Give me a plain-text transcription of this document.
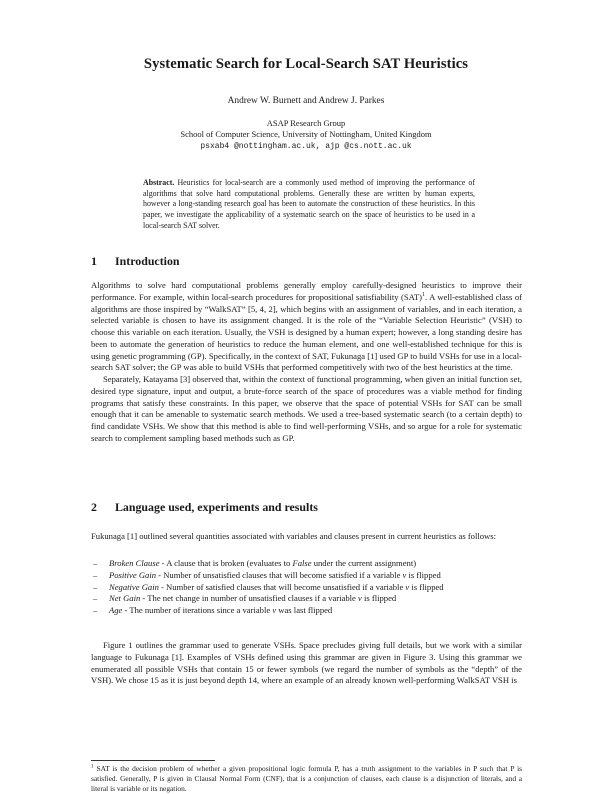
Systematic Search for Local-Search SAT Heuristics
Andrew W. Burnett and Andrew J. Parkes
ASAP Research Group
School of Computer Science, University of Nottingham, United Kingdom
psxab4 @nottingham.ac.uk, ajp @cs.nott.ac.uk
Abstract. Heuristics for local-search are a commonly used method of improving the performance of algorithms that solve hard computational problems. Generally these are written by human experts, however a long-standing research goal has been to automate the construction of these heuristics. In this paper, we investigate the applicability of a systematic search on the space of heuristics to be used in a local-search SAT solver.
1 Introduction
Algorithms to solve hard computational problems generally employ carefully-designed heuristics to improve their performance. For example, within local-search procedures for propositional satisfiability (SAT)$^1$. A well-established class of algorithms are those inspired by “WalkSAT” [5, 4, 2], which begins with an assignment of variables, and in each iteration, a selected variable is chosen to have its assignment changed. It is the role of the “Variable Selection Heuristic” (VSH) to choose this variable on each iteration. Usually, the VSH is designed by a human expert; however, a long standing desire has been to automate the generation of heuristics to reduce the human element, and one well-established technique for this is using genetic programming (GP). Specifically, in the context of SAT, Fukunaga [1] used GP to build VSHs for use in a local-search SAT solver; the GP was able to build VSHs that performed competitively with two of the best heuristics at the time.
Separately, Katayama [3] observed that, within the context of functional programming, when given an initial function set, desired type signature, input and output, a brute-force search of the space of procedures was a viable method for finding programs that satisfy these constraints. In this paper, we observe that the space of potential VSHs for SAT can be small enough that it can be amenable to systematic search methods. We used a tree-based systematic search (to a certain depth) to find candidate VSHs. We show that this method is able to find well-performing VSHs, and so argue for a role for systematic search to complement sampling based methods such as GP.
2 Language used, experiments and results
Fukunaga [1] outlined several quantities associated with variables and clauses present in current heuristics as follows:
– Broken Clause - A clause that is broken (evaluates to False under the current assignment)
– Positive Gain - Number of unsatisfied clauses that will become satisfied if a variable v is flipped
– Negative Gain - Number of satisfied clauses that will become unsatisfied if a variable v is flipped
– Net Gain - The net change in number of unsatisfied clauses if a variable v is flipped
– Age - The number of iterations since a variable v was last flipped
Figure 1 outlines the grammar used to generate VSHs. Space precludes giving full details, but we work with a similar language to Fukunaga [1]. Examples of VSHs defined using this grammar are given in Figure 3. Using this grammar we enumerated all possible VSHs that contain 15 or fewer symbols (we regard the number of symbols as the “depth” of the VSH). We chose 15 as it is just beyond depth 14, where an example of an already known well-performing WalkSAT VSH is
$^1$ SAT is the decision problem of whether a given propositional logic formula P, has a truth assignment to the variables in P such that P is satisfied. Generally, P is given in Clausal Normal Form (CNF), that is a conjunction of clauses, each clause is a disjunction of literals, and a literal is variable or its negation.
